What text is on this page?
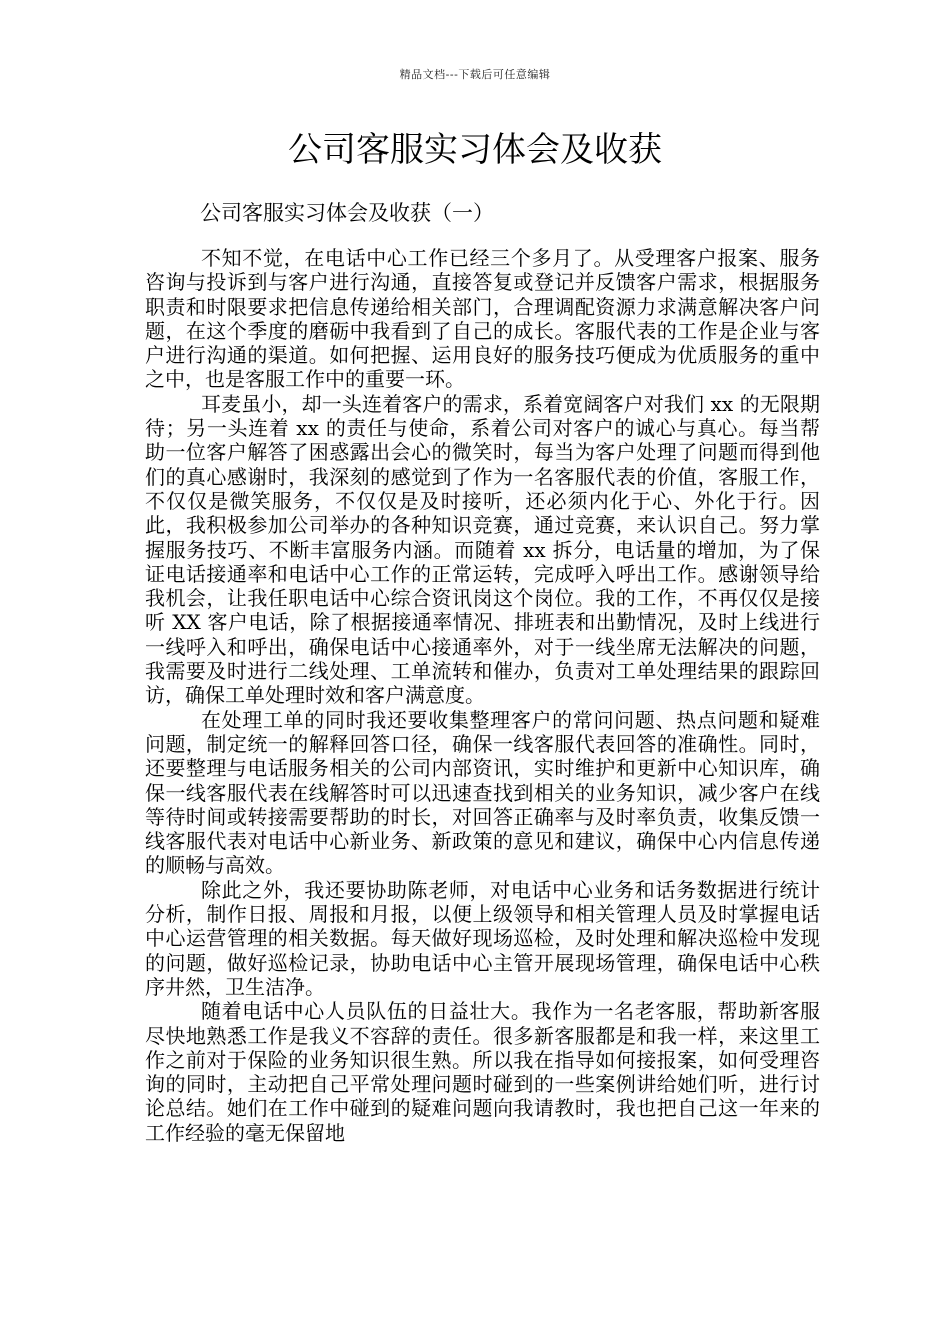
精品文档---下载后可任意编辑
公司客服实习体会及收获

公司客服实习体会及收获（一）

不知不觉，在电话中心工作已经三个多月了。从受理客户报案、服务咨询与投诉到与客户进行沟通，直接答复或登记并反馈客户需求，根据服务职责和时限要求把信息传递给相关部门，合理调配资源力求满意解决客户问题，在这个季度的磨砺中我看到了自己的成长。客服代表的工作是企业与客户进行沟通的渠道。如何把握、运用良好的服务技巧便成为优质服务的重中之中，也是客服工作中的重要一环。

耳麦虽小，却一头连着客户的需求，系着宽阔客户对我们 xx 的无限期待；另一头连着 xx 的责任与使命，系着公司对客户的诚心与真心。每当帮助一位客户解答了困惑露出会心的微笑时，每当为客户处理了问题而得到他们的真心感谢时，我深刻的感觉到了作为一名客服代表的价值，客服工作，不仅仅是微笑服务，不仅仅是及时接听，还必须内化于心、外化于行。因此，我积极参加公司举办的各种知识竞赛，通过竞赛，来认识自己。努力掌握服务技巧、不断丰富服务内涵。而随着 xx 拆分，电话量的增加，为了保证电话接通率和电话中心工作的正常运转，完成呼入呼出工作。感谢领导给我机会，让我任职电话中心综合资讯岗这个岗位。我的工作，不再仅仅是接听 XX 客户电话，除了根据接通率情况、排班表和出勤情况，及时上线进行一线呼入和呼出，确保电话中心接通率外，对于一线坐席无法解决的问题，我需要及时进行二线处理、工单流转和催办，负责对工单处理结果的跟踪回访，确保工单处理时效和客户满意度。

在处理工单的同时我还要收集整理客户的常问问题、热点问题和疑难问题，制定统一的解释回答口径，确保一线客服代表回答的准确性。同时，还要整理与电话服务相关的公司内部资讯，实时维护和更新中心知识库，确保一线客服代表在线解答时可以迅速查找到相关的业务知识，减少客户在线等待时间或转接需要帮助的时长，对回答正确率与及时率负责，收集反馈一线客服代表对电话中心新业务、新政策的意见和建议，确保中心内信息传递的顺畅与高效。

除此之外，我还要协助陈老师，对电话中心业务和话务数据进行统计分析，制作日报、周报和月报，以便上级领导和相关管理人员及时掌握电话中心运营管理的相关数据。每天做好现场巡检，及时处理和解决巡检中发现的问题，做好巡检记录，协助电话中心主管开展现场管理，确保电话中心秩序井然，卫生洁净。

随着电话中心人员队伍的日益壮大。我作为一名老客服，帮助新客服尽快地熟悉工作是我义不容辞的责任。很多新客服都是和我一样，来这里工作之前对于保险的业务知识很生熟。所以我在指导如何接报案，如何受理咨询的同时，主动把自己平常处理问题时碰到的一些案例讲给她们听，进行讨论总结。她们在工作中碰到的疑难问题向我请教时，我也把自己这一年来的工作经验的毫无保留地
